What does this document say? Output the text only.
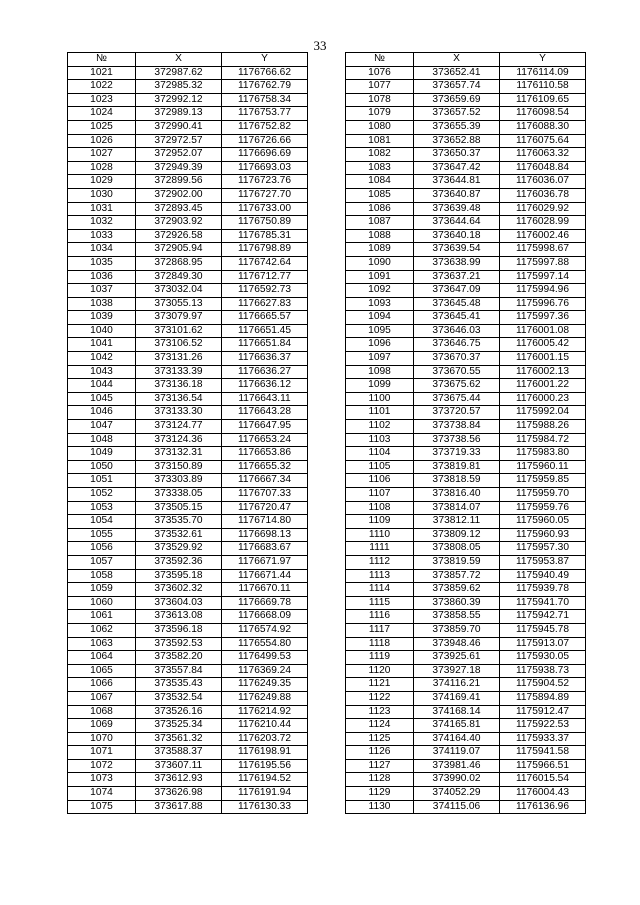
33
№	X	Y
1021	372987.62	1176766.62
1022	372985.32	1176762.79
1023	372992.12	1176758.34
1024	372989.13	1176753.77
1025	372990.41	1176752.82
1026	372972.57	1176726.66
1027	372952.07	1176696.69
1028	372949.39	1176693.03
1029	372899.56	1176723.76
1030	372902.00	1176727.70
1031	372893.45	1176733.00
1032	372903.92	1176750.89
1033	372926.58	1176785.31
1034	372905.94	1176798.89
1035	372868.95	1176742.64
1036	372849.30	1176712.77
1037	373032.04	1176592.73
1038	373055.13	1176627.83
1039	373079.97	1176665.57
1040	373101.62	1176651.45
1041	373106.52	1176651.84
1042	373131.26	1176636.37
1043	373133.39	1176636.27
1044	373136.18	1176636.12
1045	373136.54	1176643.11
1046	373133.30	1176643.28
1047	373124.77	1176647.95
1048	373124.36	1176653.24
1049	373132.31	1176653.86
1050	373150.89	1176655.32
1051	373303.89	1176667.34
1052	373338.05	1176707.33
1053	373505.15	1176720.47
1054	373535.70	1176714.80
1055	373532.61	1176698.13
1056	373529.92	1176683.67
1057	373592.36	1176671.97
1058	373595.18	1176671.44
1059	373602.32	1176670.11
1060	373604.03	1176669.78
1061	373613.08	1176668.09
1062	373596.18	1176574.92
1063	373592.53	1176554.80
1064	373582.20	1176499.53
1065	373557.84	1176369.24
1066	373535.43	1176249.35
1067	373532.54	1176249.88
1068	373526.16	1176214.92
1069	373525.34	1176210.44
1070	373561.32	1176203.72
1071	373588.37	1176198.91
1072	373607.11	1176195.56
1073	373612.93	1176194.52
1074	373626.98	1176191.94
1075	373617.88	1176130.33
№	X	Y
1076	373652.41	1176114.09
1077	373657.74	1176110.58
1078	373659.69	1176109.65
1079	373657.52	1176098.54
1080	373655.39	1176088.30
1081	373652.88	1176075.64
1082	373650.37	1176063.32
1083	373647.42	1176048.84
1084	373644.81	1176036.07
1085	373640.87	1176036.78
1086	373639.48	1176029.92
1087	373644.64	1176028.99
1088	373640.18	1176002.46
1089	373639.54	1175998.67
1090	373638.99	1175997.88
1091	373637.21	1175997.14
1092	373647.09	1175994.96
1093	373645.48	1175996.76
1094	373645.41	1175997.36
1095	373646.03	1176001.08
1096	373646.75	1176005.42
1097	373670.37	1176001.15
1098	373670.55	1176002.13
1099	373675.62	1176001.22
1100	373675.44	1176000.23
1101	373720.57	1175992.04
1102	373738.84	1175988.26
1103	373738.56	1175984.72
1104	373719.33	1175983.80
1105	373819.81	1175960.11
1106	373818.59	1175959.85
1107	373816.40	1175959.70
1108	373814.07	1175959.76
1109	373812.11	1175960.05
1110	373809.12	1175960.93
1111	373808.05	1175957.30
1112	373819.59	1175953.87
1113	373857.72	1175940.49
1114	373859.62	1175939.78
1115	373860.39	1175941.70
1116	373858.55	1175942.71
1117	373859.70	1175945.78
1118	373948.46	1175913.07
1119	373925.61	1175930.05
1120	373927.18	1175938.73
1121	374116.21	1175904.52
1122	374169.41	1175894.89
1123	374168.14	1175912.47
1124	374165.81	1175922.53
1125	374164.40	1175933.37
1126	374119.07	1175941.58
1127	373981.46	1175966.51
1128	373990.02	1176015.54
1129	374052.29	1176004.43
1130	374115.06	1176136.96
